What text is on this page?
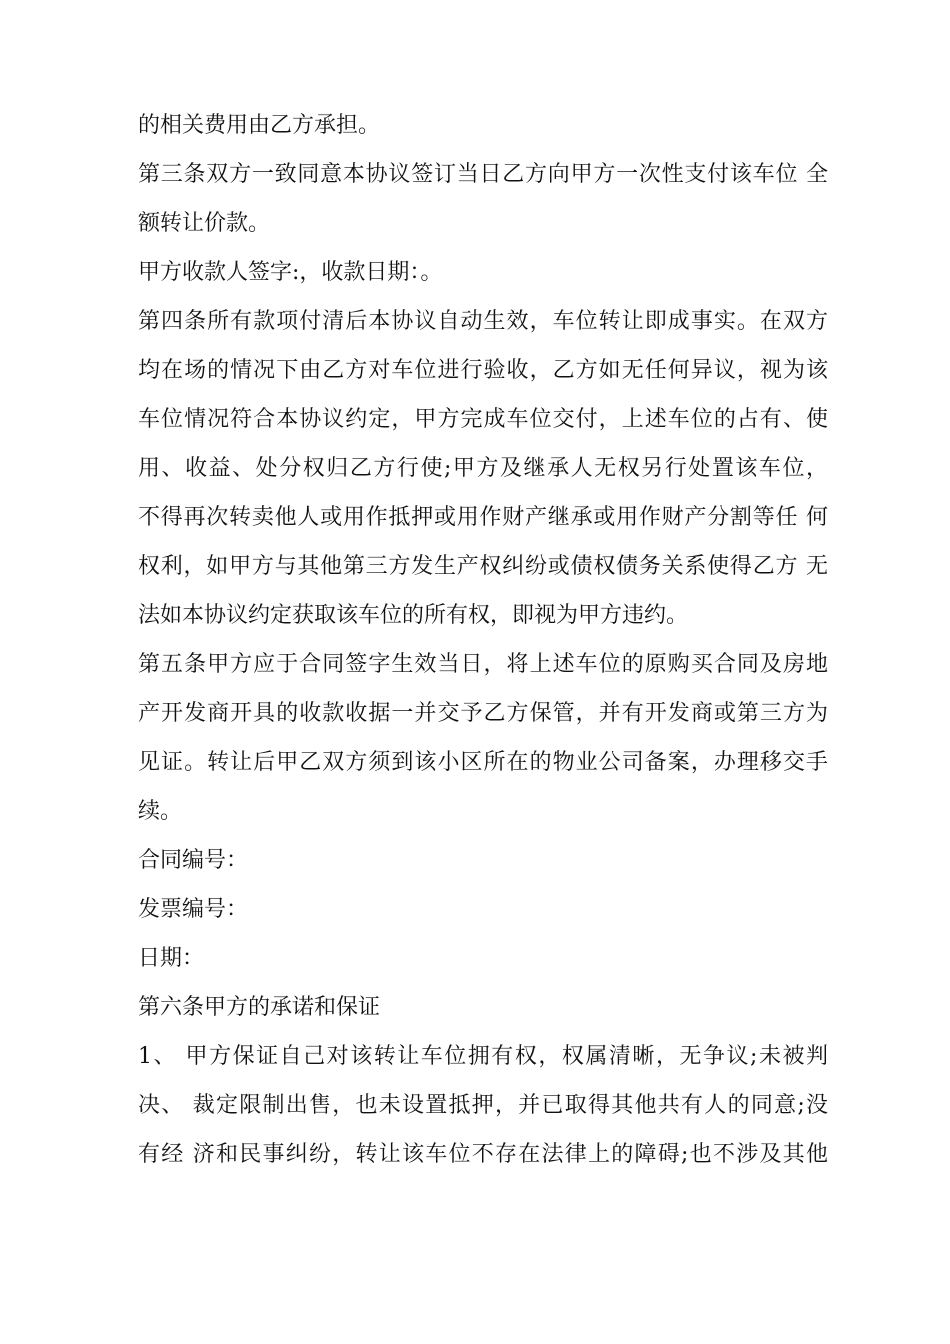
的相关费用由乙方承担。
第三条双方一致同意本协议签订当日乙方向甲方一次性支付该车位 全
额转让价款。
甲方收款人签字:，收款日期：。
第四条所有款项付清后本协议自动生效，车位转让即成事实。在双方
均在场的情况下由乙方对车位进行验收，乙方如无任何异议，视为该
车位情况符合本协议约定，甲方完成车位交付，上述车位的占有、使
用、收益、处分权归乙方行使;甲方及继承人无权另行处置该车位，
不得再次转卖他人或用作抵押或用作财产继承或用作财产分割等任 何
权利，如甲方与其他第三方发生产权纠纷或债权债务关系使得乙方 无
法如本协议约定获取该车位的所有权，即视为甲方违约。
第五条甲方应于合同签字生效当日，将上述车位的原购买合同及房地
产开发商开具的收款收据一并交予乙方保管，并有开发商或第三方为
见证。转让后甲乙双方须到该小区所在的物业公司备案，办理移交手
续。
合同编号：
发票编号：
日期：
第六条甲方的承诺和保证
1、 甲方保证自己对该转让车位拥有权，权属清晰，无争议;未被判
决、 裁定限制出售，也未设置抵押，并已取得其他共有人的同意;没
有经 济和民事纠纷，转让该车位不存在法律上的障碍;也不涉及其他
